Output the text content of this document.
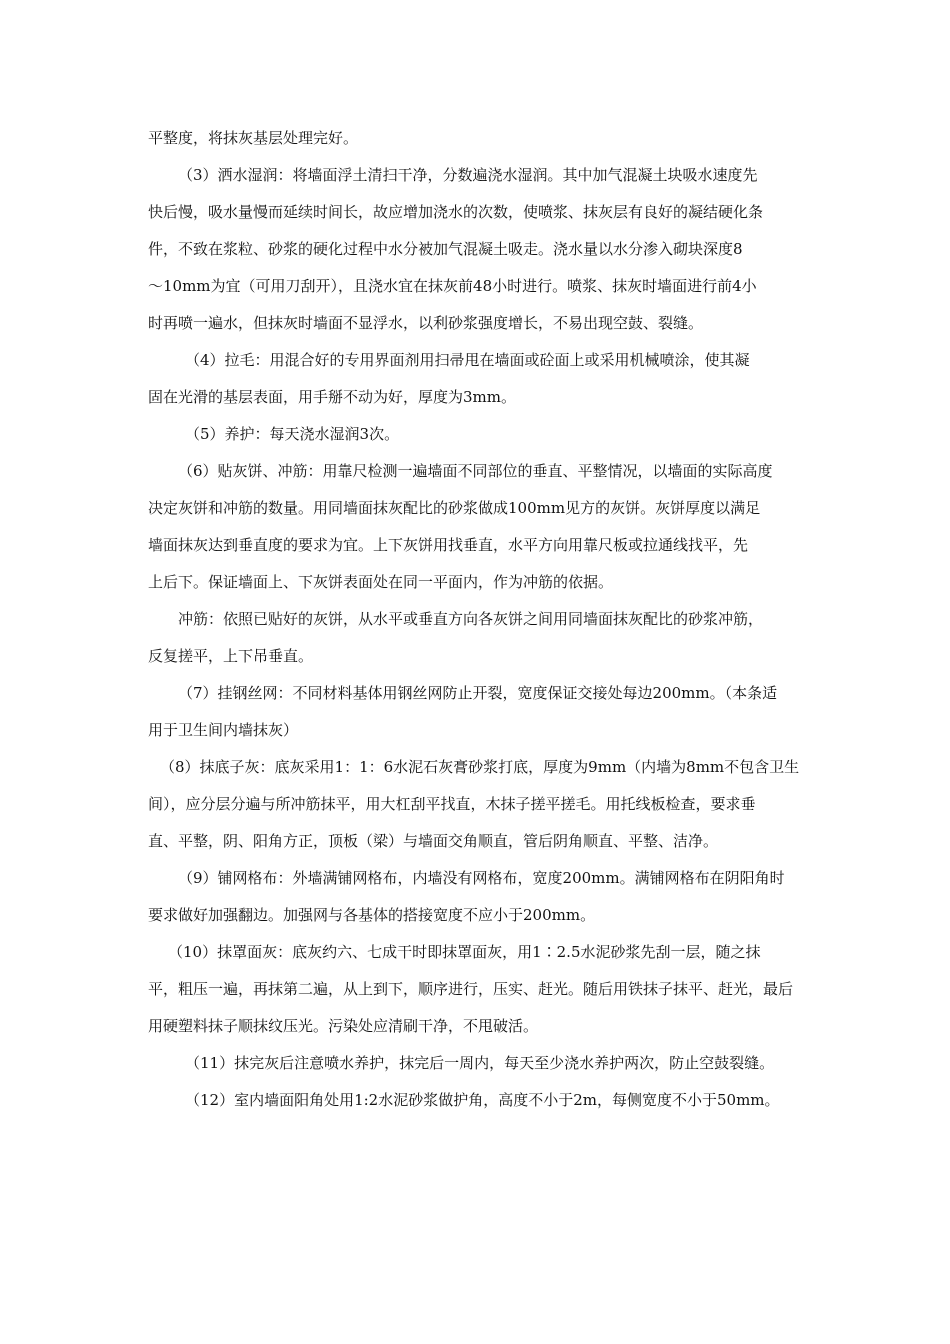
平整度，将抹灰基层处理完好。
（3）洒水湿润：将墙面浮土清扫干净，分数遍浇水湿润。其中加气混凝土块吸水速度先
快后慢，吸水量慢而延续时间长，故应增加浇水的次数，使喷浆、抹灰层有良好的凝结硬化条
件，不致在浆粒、砂浆的硬化过程中水分被加气混凝土吸走。浇水量以水分渗入砌块深度8
～10mm为宜（可用刀刮开），且浇水宜在抹灰前48小时进行。喷浆、抹灰时墙面进行前4小
时再喷一遍水，但抹灰时墙面不显浮水，以利砂浆强度增长，不易出现空鼓、裂缝。
（4）拉毛：用混合好的专用界面剂用扫帚甩在墙面或砼面上或采用机械喷涂，使其凝
固在光滑的基层表面，用手掰不动为好，厚度为3mm。
（5）养护：每天浇水湿润3次。
（6）贴灰饼、冲筋：用靠尺检测一遍墙面不同部位的垂直、平整情况，以墙面的实际高度
决定灰饼和冲筋的数量。用同墙面抹灰配比的砂浆做成100mm见方的灰饼。灰饼厚度以满足
墙面抹灰达到垂直度的要求为宜。上下灰饼用找垂直，水平方向用靠尺板或拉通线找平，先
上后下。保证墙面上、下灰饼表面处在同一平面内，作为冲筋的依据。
冲筋：依照已贴好的灰饼，从水平或垂直方向各灰饼之间用同墙面抹灰配比的砂浆冲筋，
反复搓平，上下吊垂直。
（7）挂钢丝网：不同材料基体用钢丝网防止开裂，宽度保证交接处每边200mm。（本条适
用于卫生间内墙抹灰）
（8）抹底子灰：底灰采用1：1：6水泥石灰膏砂浆打底，厚度为9mm（内墙为8mm不包含卫生
间），应分层分遍与所冲筋抹平，用大杠刮平找直，木抹子搓平搓毛。用托线板检查，要求垂
直、平整，阴、阳角方正，顶板（梁）与墙面交角顺直，管后阴角顺直、平整、洁净。
（9）铺网格布：外墙满铺网格布，内墙没有网格布，宽度200mm。满铺网格布在阴阳角时
要求做好加强翻边。加强网与各基体的搭接宽度不应小于200mm。
（10）抹罩面灰：底灰约六、七成干时即抹罩面灰，用1∶2.5水泥砂浆先刮一层，随之抹
平，粗压一遍，再抹第二遍，从上到下，顺序进行，压实、赶光。随后用铁抹子抹平、赶光，最后
用硬塑料抹子顺抹纹压光。污染处应清刷干净，不甩破活。
（11）抹完灰后注意喷水养护，抹完后一周内，每天至少浇水养护两次，防止空鼓裂缝。
（12）室内墙面阳角处用1:2水泥砂浆做护角，高度不小于2m，每侧宽度不小于50mm。
